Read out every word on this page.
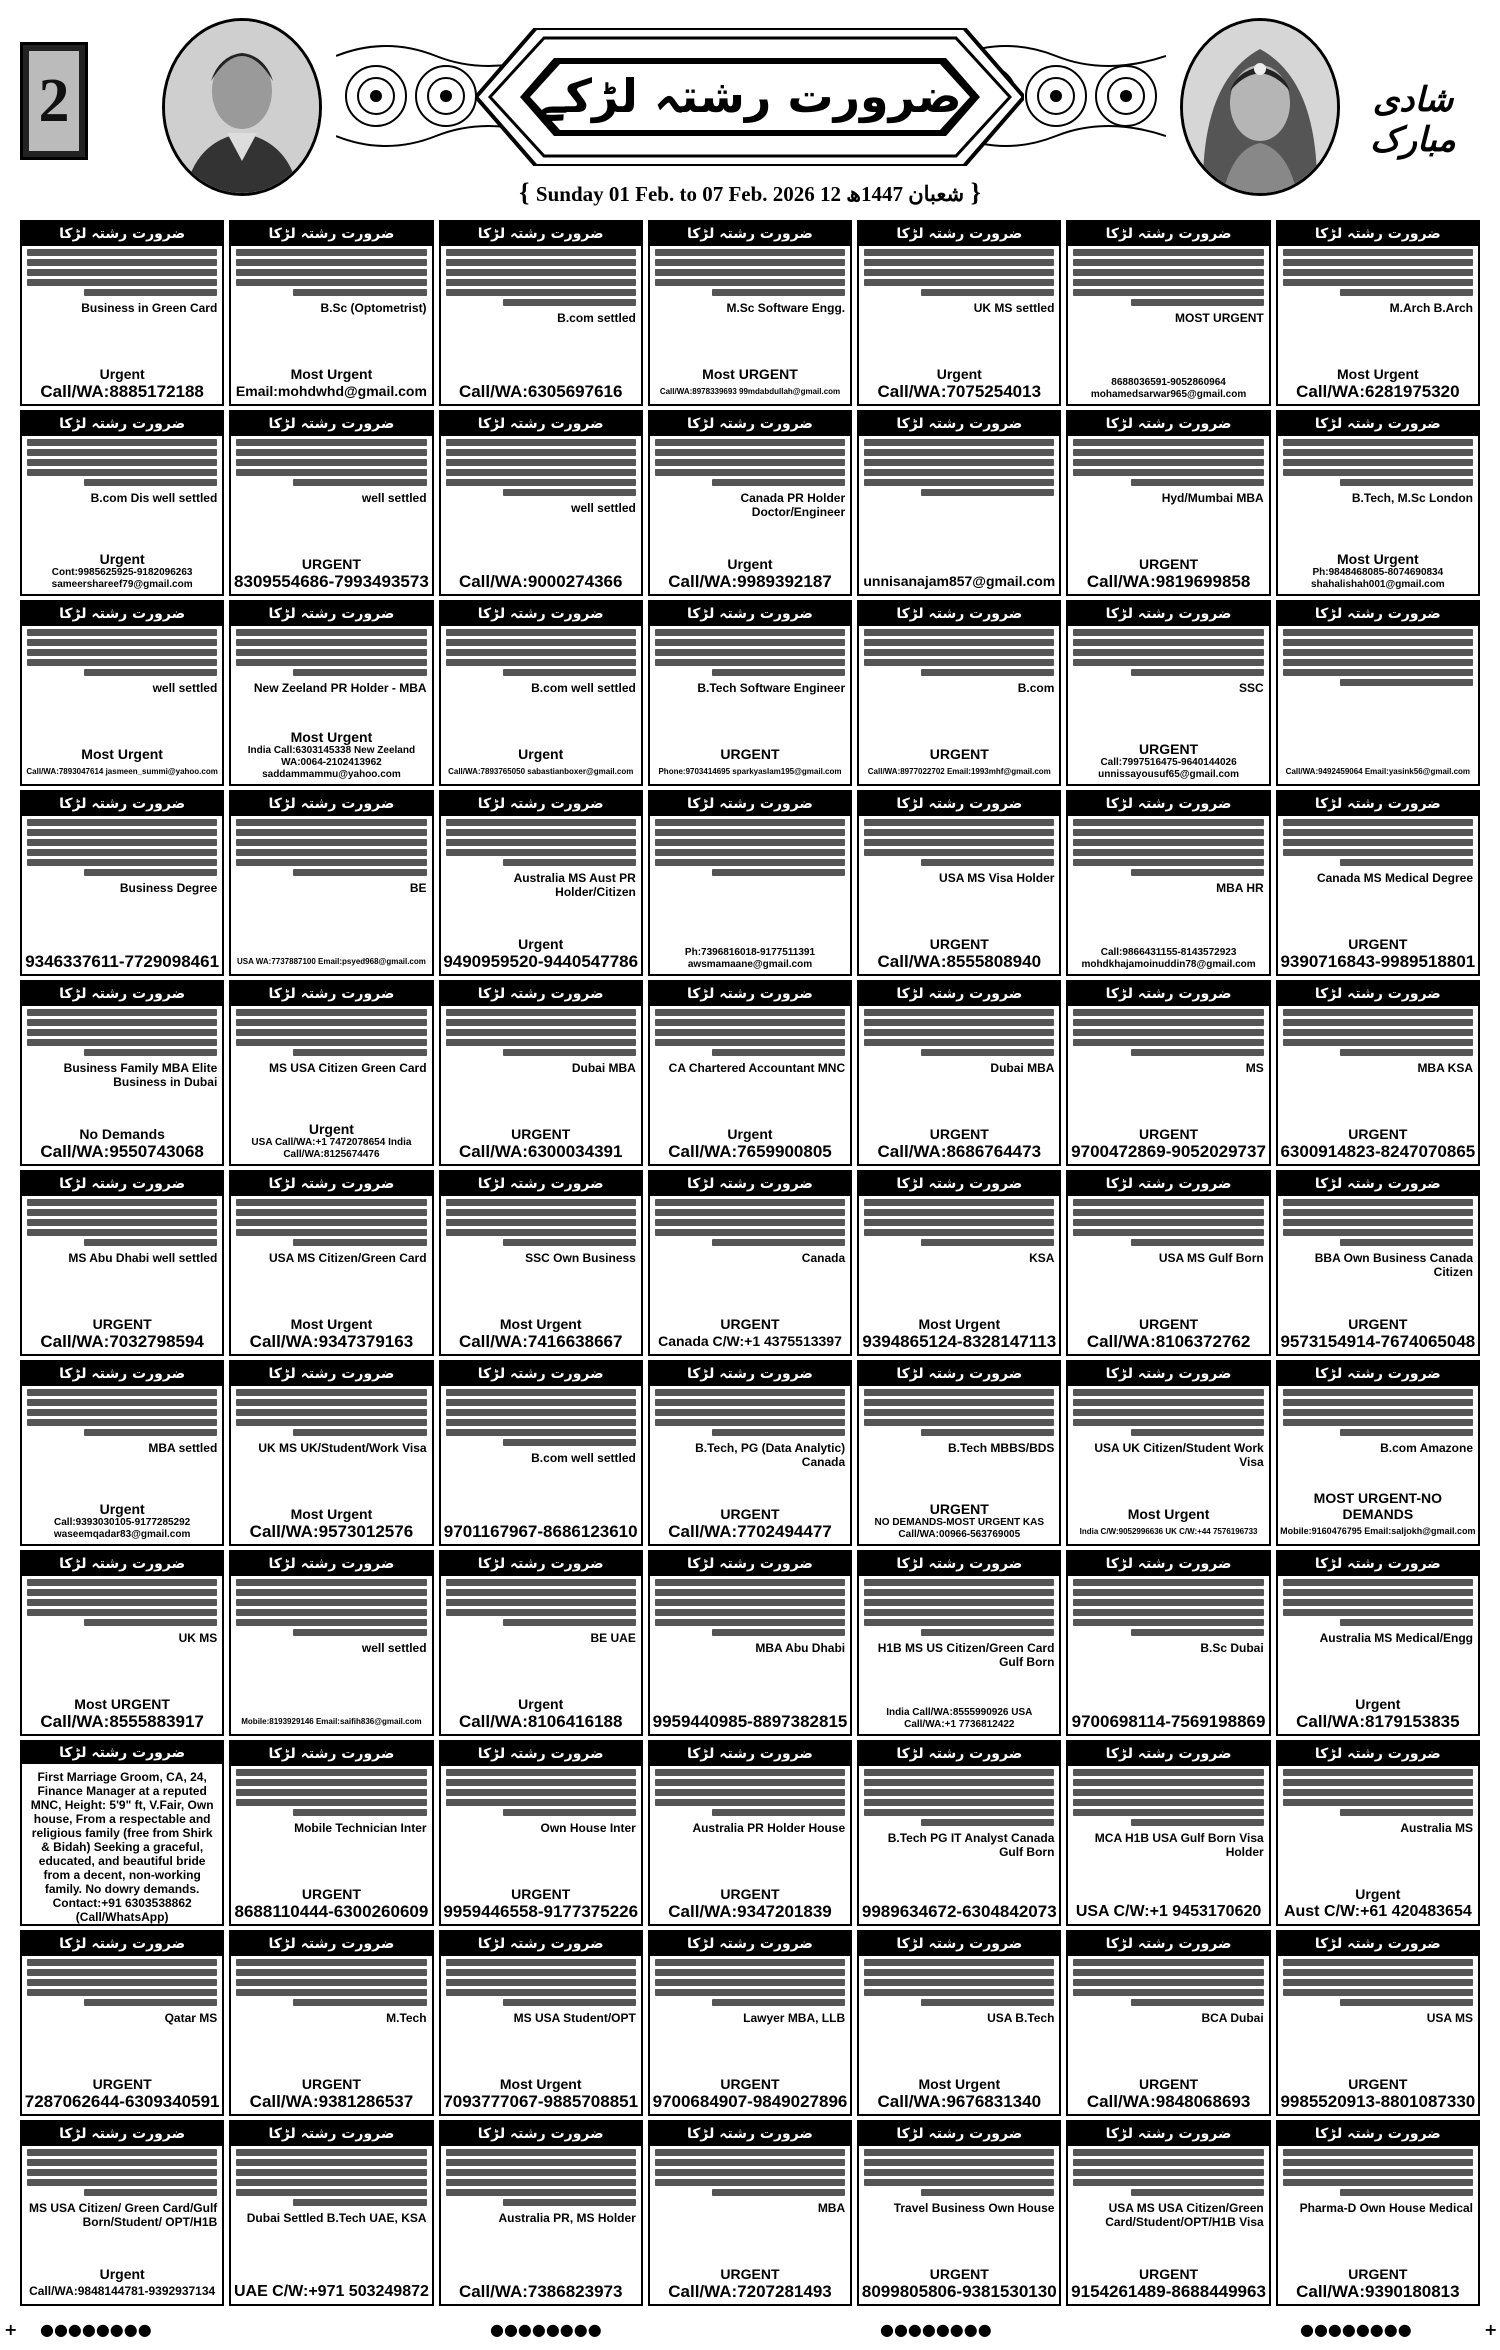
2	ضرورت رشتہ لڑکے	شادی مبارک
{ Sunday 01 Feb. to 07 Feb. 2026 12 شعبان 1447ھ }
ضرورت رشتہ لڑکا
Business in Green Card
Urgent
Call/WA:8885172188
ضرورت رشتہ لڑکا
B.Sc (Optometrist)
Most Urgent
Email:mohdwhd@gmail.com
ضرورت رشتہ لڑکا
B.com settled
Call/WA:6305697616
ضرورت رشتہ لڑکا
M.Sc Software Engg.
Most URGENT
Call/WA:8978339693 99mdabdullah@gmail.com
ضرورت رشتہ لڑکا
UK MS settled
Urgent
Call/WA:7075254013
ضرورت رشتہ لڑکا
MOST URGENT
8688036591-9052860964 mohamedsarwar965@gmail.com
ضرورت رشتہ لڑکا
M.Arch B.Arch
Most Urgent
Call/WA:6281975320
ضرورت رشتہ لڑکا
B.com Dis well settled
Urgent
Cont:9985625925-9182096263 sameershareef79@gmail.com
ضرورت رشتہ لڑکا
well settled
URGENT
8309554686-7993493573
ضرورت رشتہ لڑکا
well settled
Call/WA:9000274366
ضرورت رشتہ لڑکا
Canada PR Holder Doctor/Engineer
Urgent
Call/WA:9989392187
ضرورت رشتہ لڑکا
unnisanajam857@gmail.com
ضرورت رشتہ لڑکا
Hyd/Mumbai MBA
URGENT
Call/WA:9819699858
ضرورت رشتہ لڑکا
B.Tech, M.Sc London
Most Urgent
Ph:9848468085-8074690834 shahalishah001@gmail.com
ضرورت رشتہ لڑکا
well settled
Most Urgent
Call/WA:7893047614 jasmeen_summi@yahoo.com
ضرورت رشتہ لڑکا
New Zeeland PR Holder - MBA
Most Urgent
India Call:6303145338 New Zeeland WA:0064-2102413962 saddammammu@yahoo.com
ضرورت رشتہ لڑکا
B.com well settled
Urgent
Call/WA:7893765050 sabastianboxer@gmail.com
ضرورت رشتہ لڑکا
B.Tech Software Engineer
URGENT
Phone:9703414695 sparkyaslam195@gmail.com
ضرورت رشتہ لڑکا
B.com
URGENT
Call/WA:8977022702 Email:1993mhf@gmail.com
ضرورت رشتہ لڑکا
SSC
URGENT
Call:7997516475-9640144026 unnissayousuf65@gmail.com
ضرورت رشتہ لڑکا
Call/WA:9492459064 Email:yasink56@gmail.com
ضرورت رشتہ لڑکا
Business Degree
9346337611-7729098461
ضرورت رشتہ لڑکا
BE
USA WA:7737887100 Email:psyed968@gmail.com
ضرورت رشتہ لڑکا
Australia MS Aust PR Holder/Citizen
Urgent
9490959520-9440547786
ضرورت رشتہ لڑکا
Ph:7396816018-9177511391 awsmamaane@gmail.com
ضرورت رشتہ لڑکا
USA MS Visa Holder
URGENT
Call/WA:8555808940
ضرورت رشتہ لڑکا
MBA HR
Call:9866431155-8143572923 mohdkhajamoinuddin78@gmail.com
ضرورت رشتہ لڑکا
Canada MS Medical Degree
URGENT
9390716843-9989518801
ضرورت رشتہ لڑکا
Business Family MBA Elite Business in Dubai
No Demands
Call/WA:9550743068
ضرورت رشتہ لڑکا
MS USA Citizen Green Card
Urgent
USA Call/WA:+1 7472078654 India Call/WA:8125674476
ضرورت رشتہ لڑکا
Dubai MBA
URGENT
Call/WA:6300034391
ضرورت رشتہ لڑکا
CA Chartered Accountant MNC
Urgent
Call/WA:7659900805
ضرورت رشتہ لڑکا
Dubai MBA
URGENT
Call/WA:8686764473
ضرورت رشتہ لڑکا
MS
URGENT
9700472869-9052029737
ضرورت رشتہ لڑکا
MBA KSA
URGENT
6300914823-8247070865
ضرورت رشتہ لڑکا
MS Abu Dhabi well settled
URGENT
Call/WA:7032798594
ضرورت رشتہ لڑکا
USA MS Citizen/Green Card
Most Urgent
Call/WA:9347379163
ضرورت رشتہ لڑکا
SSC Own Business
Most Urgent
Call/WA:7416638667
ضرورت رشتہ لڑکا
Canada
URGENT
Canada C/W:+1 4375513397
ضرورت رشتہ لڑکا
KSA
Most Urgent
9394865124-8328147113
ضرورت رشتہ لڑکا
USA MS Gulf Born
URGENT
Call/WA:8106372762
ضرورت رشتہ لڑکا
BBA Own Business Canada Citizen
URGENT
9573154914-7674065048
ضرورت رشتہ لڑکا
MBA settled
Urgent
Call:9393030105-9177285292 waseemqadar83@gmail.com
ضرورت رشتہ لڑکا
UK MS UK/Student/Work Visa
Most Urgent
Call/WA:9573012576
ضرورت رشتہ لڑکا
B.com well settled
9701167967-8686123610
ضرورت رشتہ لڑکا
B.Tech, PG (Data Analytic) Canada
URGENT
Call/WA:7702494477
ضرورت رشتہ لڑکا
B.Tech MBBS/BDS
URGENT
NO DEMANDS-MOST URGENT KAS Call/WA:00966-563769005
ضرورت رشتہ لڑکا
USA UK Citizen/Student Work Visa
Most Urgent
India C/W:9052996636 UK C/W:+44 7576196733
ضرورت رشتہ لڑکا
B.com Amazone
MOST URGENT-NO DEMANDS
Mobile:9160476795 Email:saljokh@gmail.com
ضرورت رشتہ لڑکا
UK MS
Most URGENT
Call/WA:8555883917
ضرورت رشتہ لڑکا
well settled
Mobile:8193929146 Email:saifih836@gmail.com
ضرورت رشتہ لڑکا
BE UAE
Urgent
Call/WA:8106416188
ضرورت رشتہ لڑکا
MBA Abu Dhabi
9959440985-8897382815
ضرورت رشتہ لڑکا
H1B MS US Citizen/Green Card Gulf Born
India Call/WA:8555990926 USA Call/WA:+1 7736812422
ضرورت رشتہ لڑکا
B.Sc Dubai
9700698114-7569198869
ضرورت رشتہ لڑکا
Australia MS Medical/Engg
Urgent
Call/WA:8179153835
ضرورت رشتہ لڑکا
First Marriage Groom, CA, 24, Finance Manager at a reputed MNC, Height: 5'9" ft, V.Fair, Own house, From a respectable and religious family (free from Shirk & Bidah) Seeking a graceful, educated, and beautiful bride from a decent, non-working family. No dowry demands. Contact:+91 6303538862 (Call/WhatsApp)
ضرورت رشتہ لڑکا
Mobile Technician Inter
URGENT
8688110444-6300260609
ضرورت رشتہ لڑکا
Own House Inter
URGENT
9959446558-9177375226
ضرورت رشتہ لڑکا
Australia PR Holder House
URGENT
Call/WA:9347201839
ضرورت رشتہ لڑکا
B.Tech PG IT Analyst Canada Gulf Born
9989634672-6304842073
ضرورت رشتہ لڑکا
MCA H1B USA Gulf Born Visa Holder
USA C/W:+1 9453170620
ضرورت رشتہ لڑکا
Australia MS
Urgent
Aust C/W:+61 420483654
ضرورت رشتہ لڑکا
Qatar MS
URGENT
7287062644-6309340591
ضرورت رشتہ لڑکا
M.Tech
URGENT
Call/WA:9381286537
ضرورت رشتہ لڑکا
MS USA Student/OPT
Most Urgent
7093777067-9885708851
ضرورت رشتہ لڑکا
Lawyer MBA, LLB
URGENT
9700684907-9849027896
ضرورت رشتہ لڑکا
USA B.Tech
Most Urgent
Call/WA:9676831340
ضرورت رشتہ لڑکا
BCA Dubai
URGENT
Call/WA:9848068693
ضرورت رشتہ لڑکا
USA MS
URGENT
9985520913-8801087330
ضرورت رشتہ لڑکا
MS USA Citizen/ Green Card/Gulf Born/Student/ OPT/H1B
Urgent
Call/WA:9848144781-9392937134
ضرورت رشتہ لڑکا
Dubai Settled B.Tech UAE, KSA
UAE C/W:+971 503249872
ضرورت رشتہ لڑکا
Australia PR, MS Holder
Call/WA:7386823973
ضرورت رشتہ لڑکا
MBA
URGENT
Call/WA:7207281493
ضرورت رشتہ لڑکا
Travel Business Own House
URGENT
8099805806-9381530130
ضرورت رشتہ لڑکا
USA MS USA Citizen/Green Card/Student/OPT/H1B Visa
URGENT
9154261489-8688449963
ضرورت رشتہ لڑکا
Pharma-D Own House Medical
URGENT
Call/WA:9390180813
+ ●●●●●●●●	●●●●●●●●	●●●●●●●●	●●●●●●●●	+
